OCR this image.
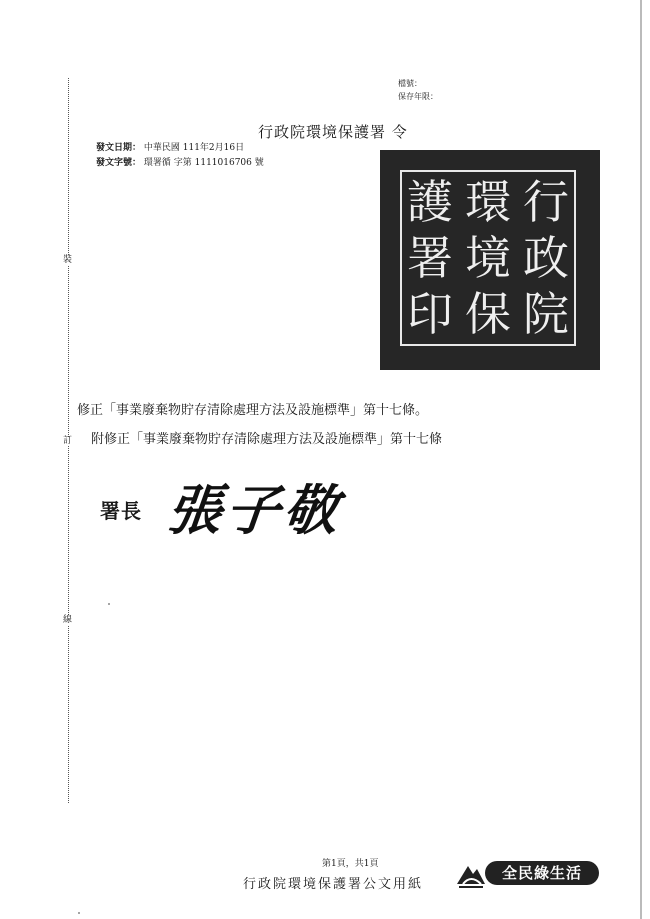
裝
訂
線
檔號：
保存年限：
行政院環境保護署 令
發文日期： 中華民國 111年2月16日
發文字號： 環署循 字第 1111016706 號
行
政
院
環
境
保
護
署
印
修正「事業廢棄物貯存清除處理方法及設施標準」第十七條。
附修正「事業廢棄物貯存清除處理方法及設施標準」第十七條
署長 張子敬
第1頁，共1頁
行政院環境保護署公文用紙
全民綠生活
